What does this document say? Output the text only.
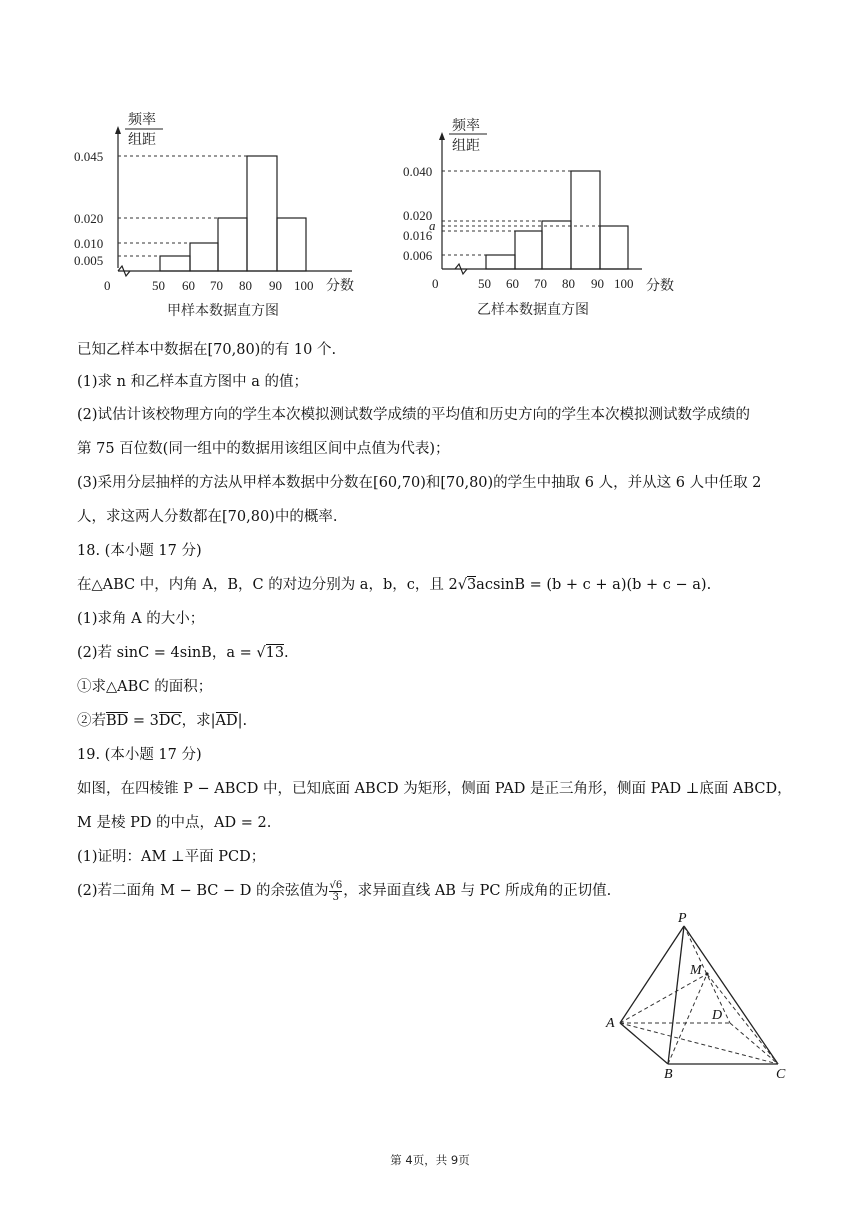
频率
组距
0.045
0.020
0.010
0.005
0	50 60 70 80 90 100 分数
甲样本数据直方图
频率
组距
0.040
0.020
a
0.016
0.006
0	50 60 70 80 90 100 分数
乙样本数据直方图
已知乙样本中数据在[70,80)的有 10 个.
(1)求 n 和乙样本直方图中 a 的值；
(2)试估计该校物理方向的学生本次模拟测试数学成绩的平均值和历史方向的学生本次模拟测试数学成绩的
第 75 百位数(同一组中的数据用该组区间中点值为代表)；
(3)采用分层抽样的方法从甲样本数据中分数在[60,70)和[70,80)的学生中抽取 6 人，并从这 6 人中任取 2
人，求这两人分数都在[70,80)中的概率.
18. (本小题 17 分)
在△ABC 中，内角 A，B，C 的对边分别为 a，b，c，且 2√3acsinB = (b + c + a)(b + c − a).
(1)求角 A 的大小；
(2)若 sinC = 4sinB，a = √13.
①求△ABC 的面积；
②若BD = 3DC，求|AD|.
19. (本小题 17 分)
如图，在四棱锥 P − ABCD 中，已知底面 ABCD 为矩形，侧面 PAD 是正三角形，侧面 PAD ⊥底面 ABCD，
M 是棱 PD 的中点，AD = 2.
(1)证明：AM ⊥平面 PCD；
(2)若二面角 M − BC − D 的余弦值为 $\frac{√6}{3}$ ，求异面直线 AB 与 PC 所成角的正切值.
P
M
A
D
B	C
第 4页，共 9页
